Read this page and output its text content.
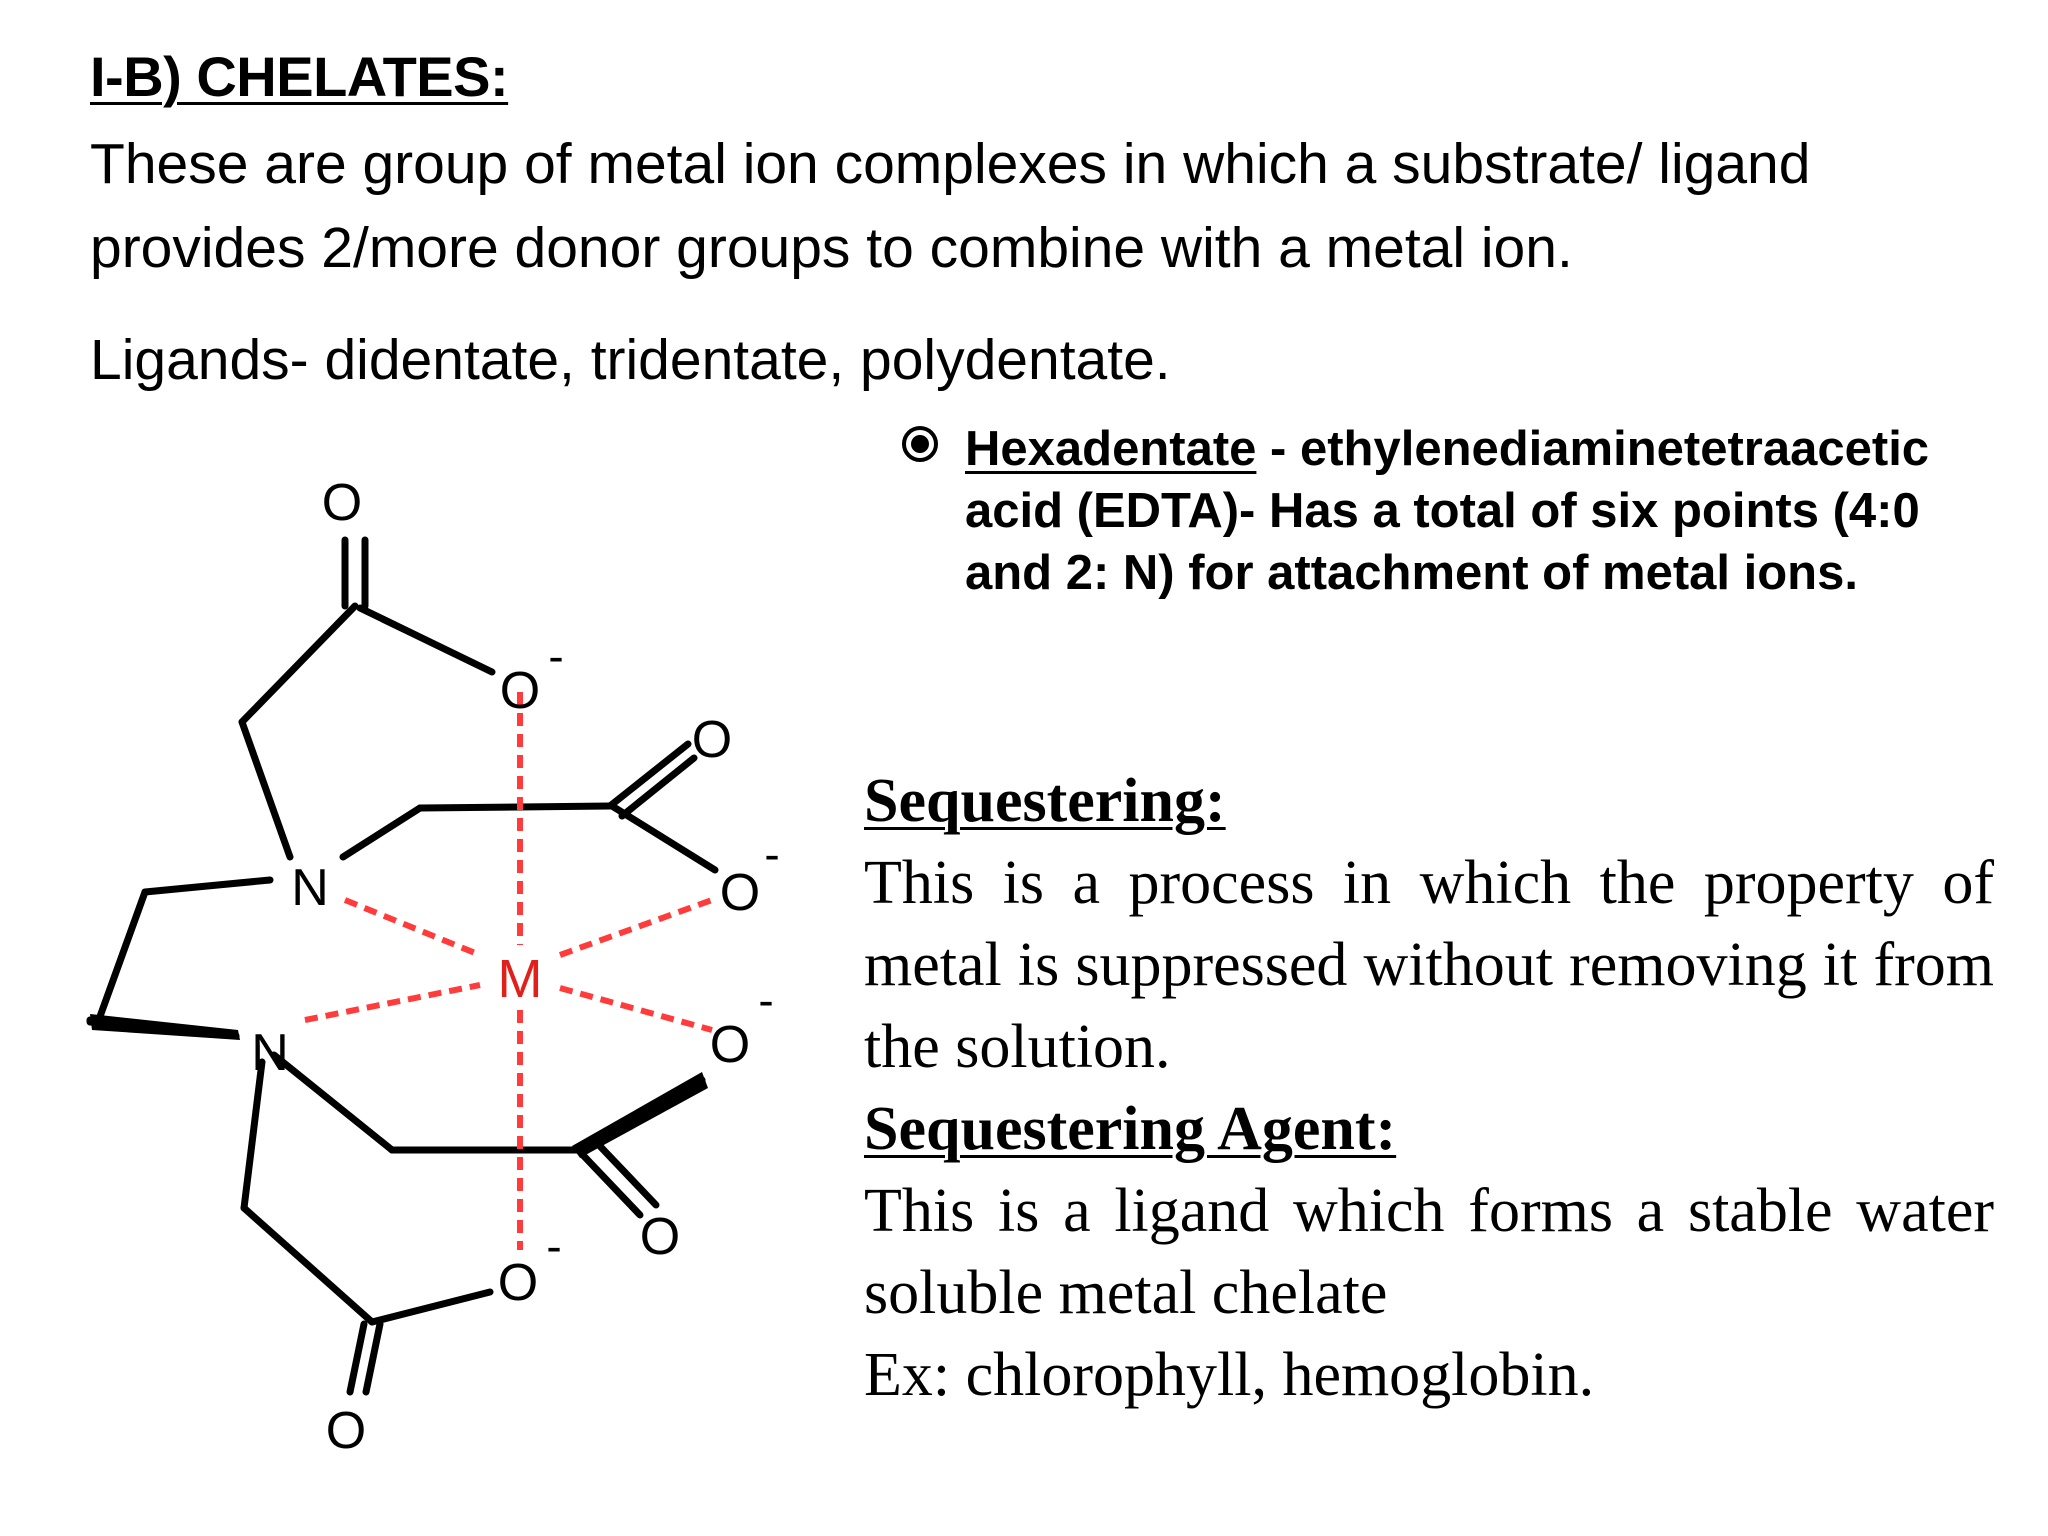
I-B) CHELATES:
These are group of metal ion complexes in which a substrate/ ligand provides 2/more donor groups to combine with a metal ion.
Ligands- didentate, tridentate, polydentate.
M
N
N
O
O
-
O
O
-
O
-
O
O
-
O
Hexadentate - ethylenediaminetetraacetic acid (EDTA)- Has a total of six points (4:0 and 2: N) for attachment of metal ions.
Sequestering:
This is a process in which the property of metal is suppressed without removing it from the solution.
Sequestering Agent:
This is a ligand which forms a stable water soluble metal chelate
Ex: chlorophyll, hemoglobin.
